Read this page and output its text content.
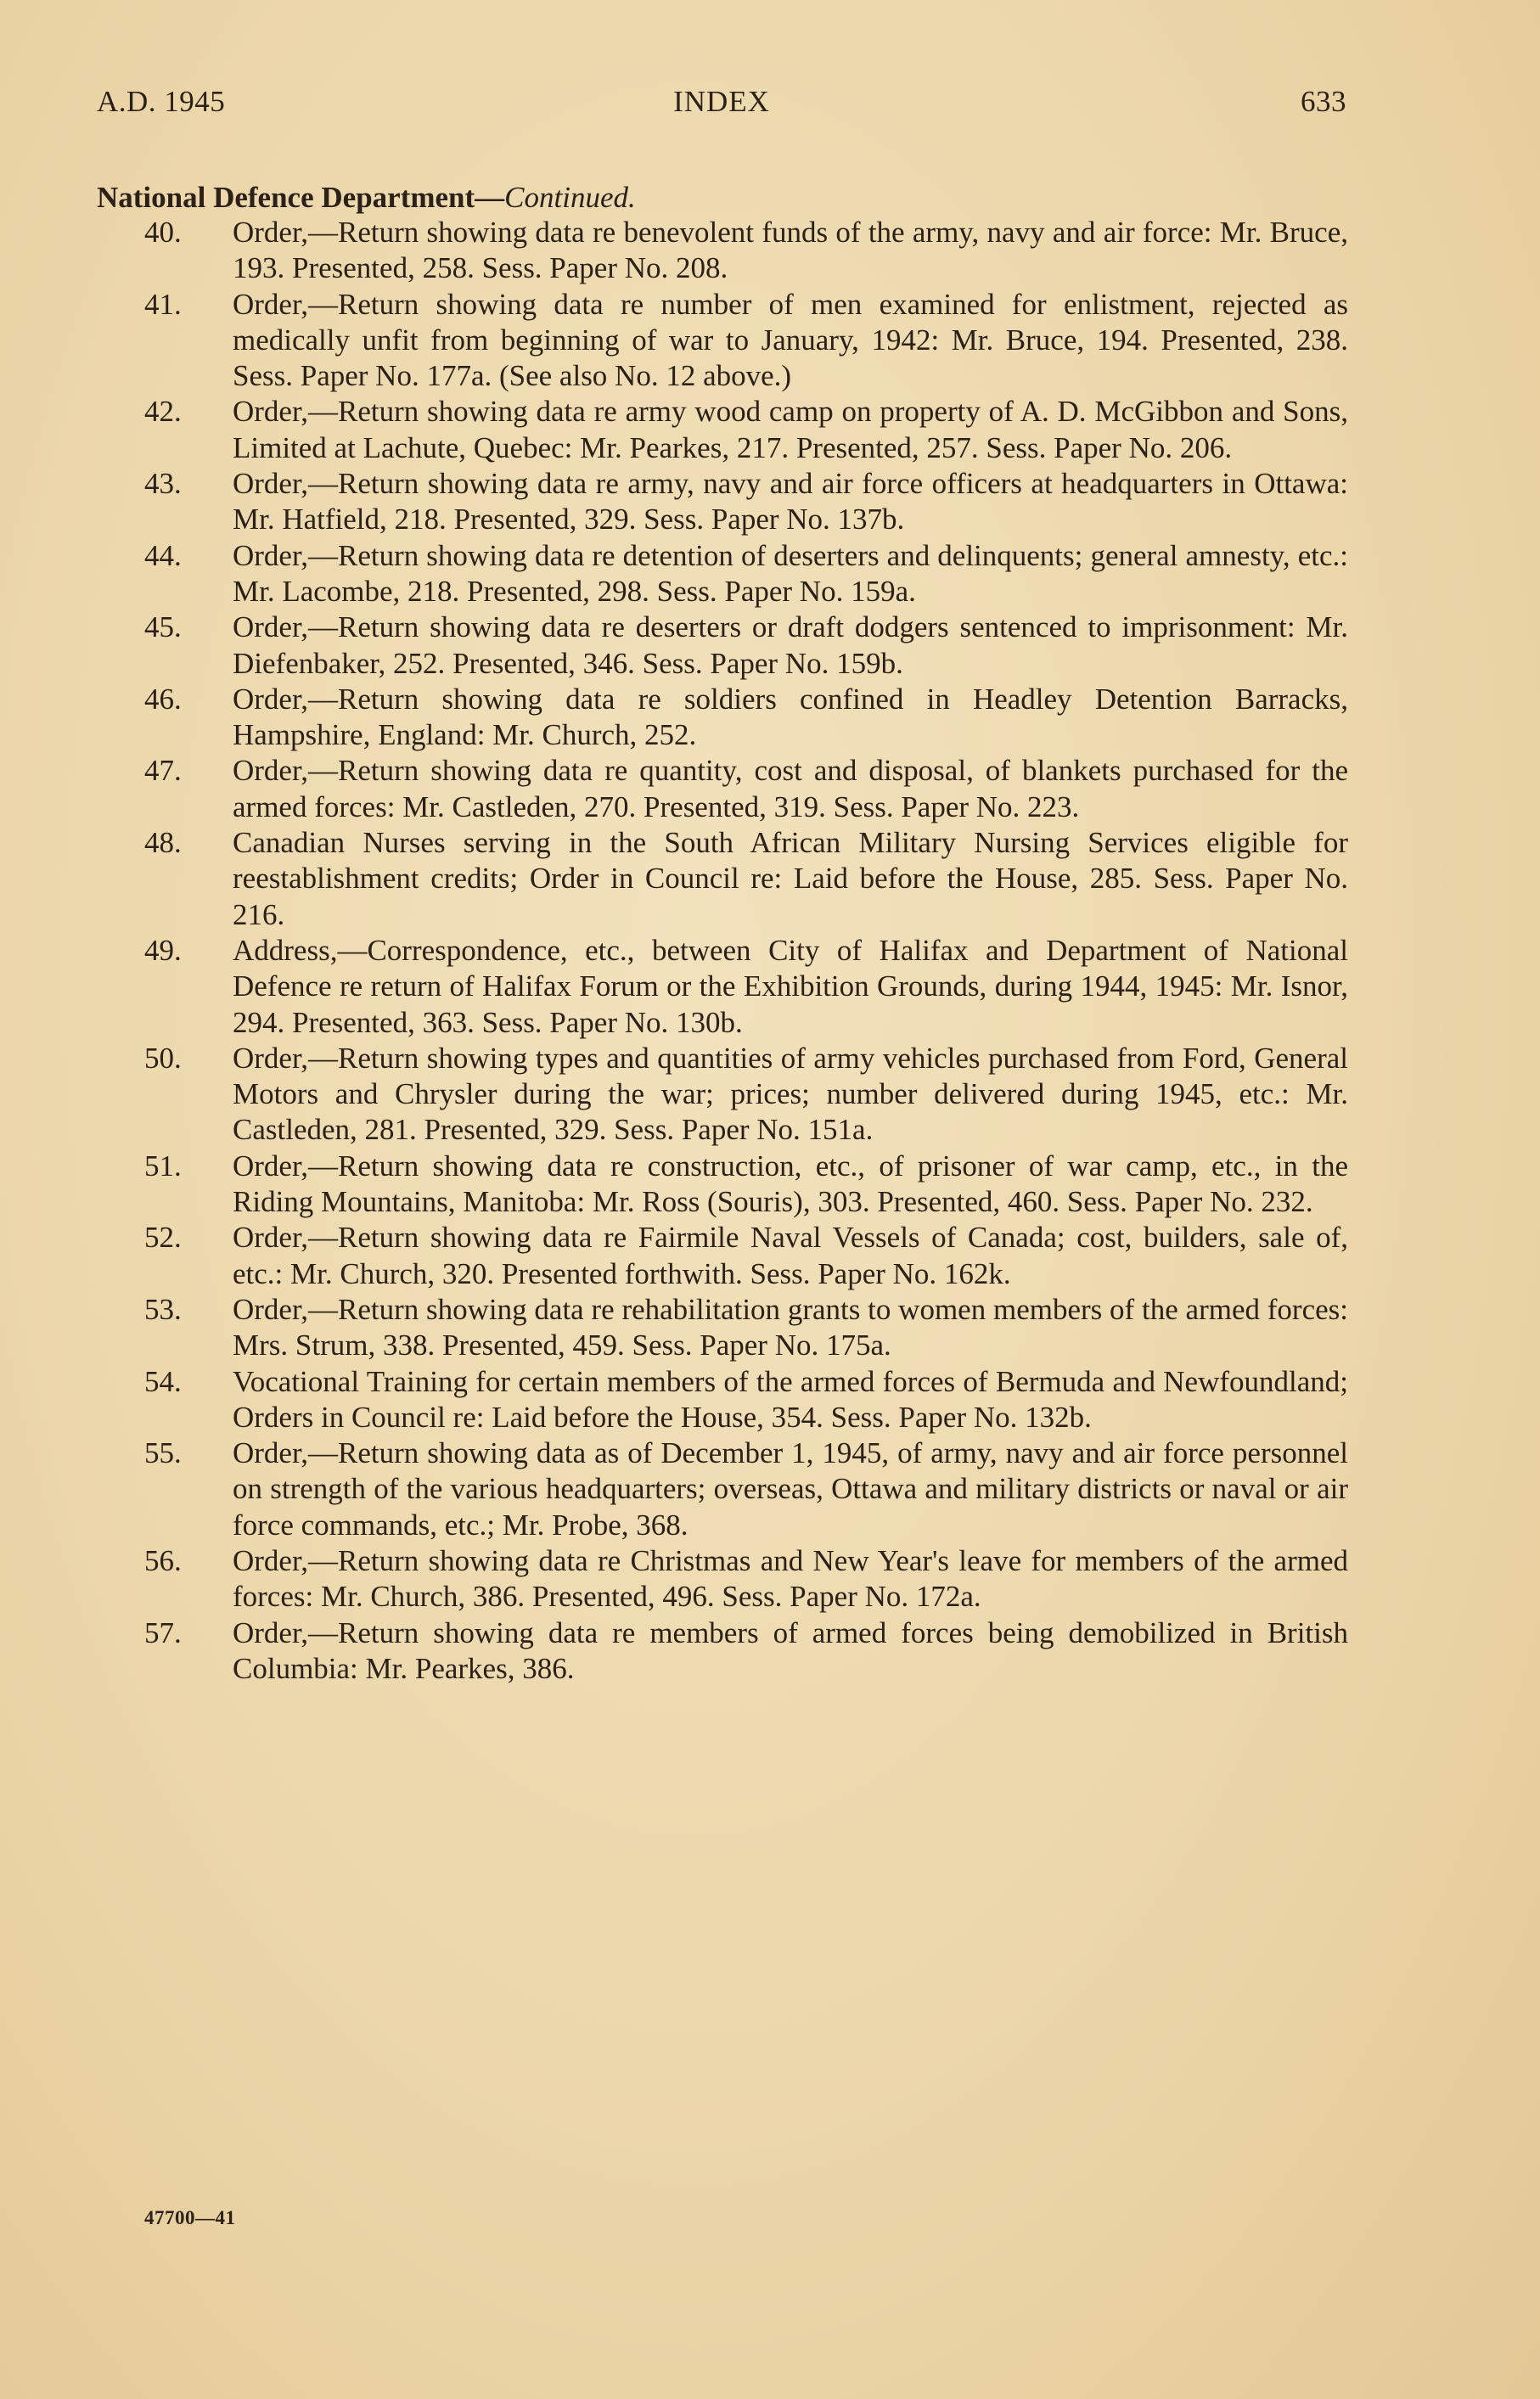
A.D. 1945	INDEX	633
National Defence Department—Continued.
40. Order,—Return showing data re benevolent funds of the army, navy and air force: Mr. Bruce, 193. Presented, 258. Sess. Paper No. 208.
41. Order,—Return showing data re number of men examined for enlistment, rejected as medically unfit from beginning of war to January, 1942: Mr. Bruce, 194. Presented, 238. Sess. Paper No. 177a. (See also No. 12 above.)
42. Order,—Return showing data re army wood camp on property of A. D. McGibbon and Sons, Limited at Lachute, Quebec: Mr. Pearkes, 217. Presented, 257. Sess. Paper No. 206.
43. Order,—Return showing data re army, navy and air force officers at headquarters in Ottawa: Mr. Hatfield, 218. Presented, 329. Sess. Paper No. 137b.
44. Order,—Return showing data re detention of deserters and delinquents; general amnesty, etc.: Mr. Lacombe, 218. Presented, 298. Sess. Paper No. 159a.
45. Order,—Return showing data re deserters or draft dodgers sentenced to imprisonment: Mr. Diefenbaker, 252. Presented, 346. Sess. Paper No. 159b.
46. Order,—Return showing data re soldiers confined in Headley Detention Barracks, Hampshire, England: Mr. Church, 252.
47. Order,—Return showing data re quantity, cost and disposal, of blankets purchased for the armed forces: Mr. Castleden, 270. Presented, 319. Sess. Paper No. 223.
48. Canadian Nurses serving in the South African Military Nursing Services eligible for reestablishment credits; Order in Council re: Laid before the House, 285. Sess. Paper No. 216.
49. Address,—Correspondence, etc., between City of Halifax and Department of National Defence re return of Halifax Forum or the Exhibition Grounds, during 1944, 1945: Mr. Isnor, 294. Presented, 363. Sess. Paper No. 130b.
50. Order,—Return showing types and quantities of army vehicles purchased from Ford, General Motors and Chrysler during the war; prices; number delivered during 1945, etc.: Mr. Castleden, 281. Presented, 329. Sess. Paper No. 151a.
51. Order,—Return showing data re construction, etc., of prisoner of war camp, etc., in the Riding Mountains, Manitoba: Mr. Ross (Souris), 303. Presented, 460. Sess. Paper No. 232.
52. Order,—Return showing data re Fairmile Naval Vessels of Canada; cost, builders, sale of, etc.: Mr. Church, 320. Presented forthwith. Sess. Paper No. 162k.
53. Order,—Return showing data re rehabilitation grants to women members of the armed forces: Mrs. Strum, 338. Presented, 459. Sess. Paper No. 175a.
54. Vocational Training for certain members of the armed forces of Bermuda and Newfoundland; Orders in Council re: Laid before the House, 354. Sess. Paper No. 132b.
55. Order,—Return showing data as of December 1, 1945, of army, navy and air force personnel on strength of the various headquarters; overseas, Ottawa and military districts or naval or air force commands, etc.; Mr. Probe, 368.
56. Order,—Return showing data re Christmas and New Year's leave for members of the armed forces: Mr. Church, 386. Presented, 496. Sess. Paper No. 172a.
57. Order,—Return showing data re members of armed forces being demobilized in British Columbia: Mr. Pearkes, 386.
47700—41
